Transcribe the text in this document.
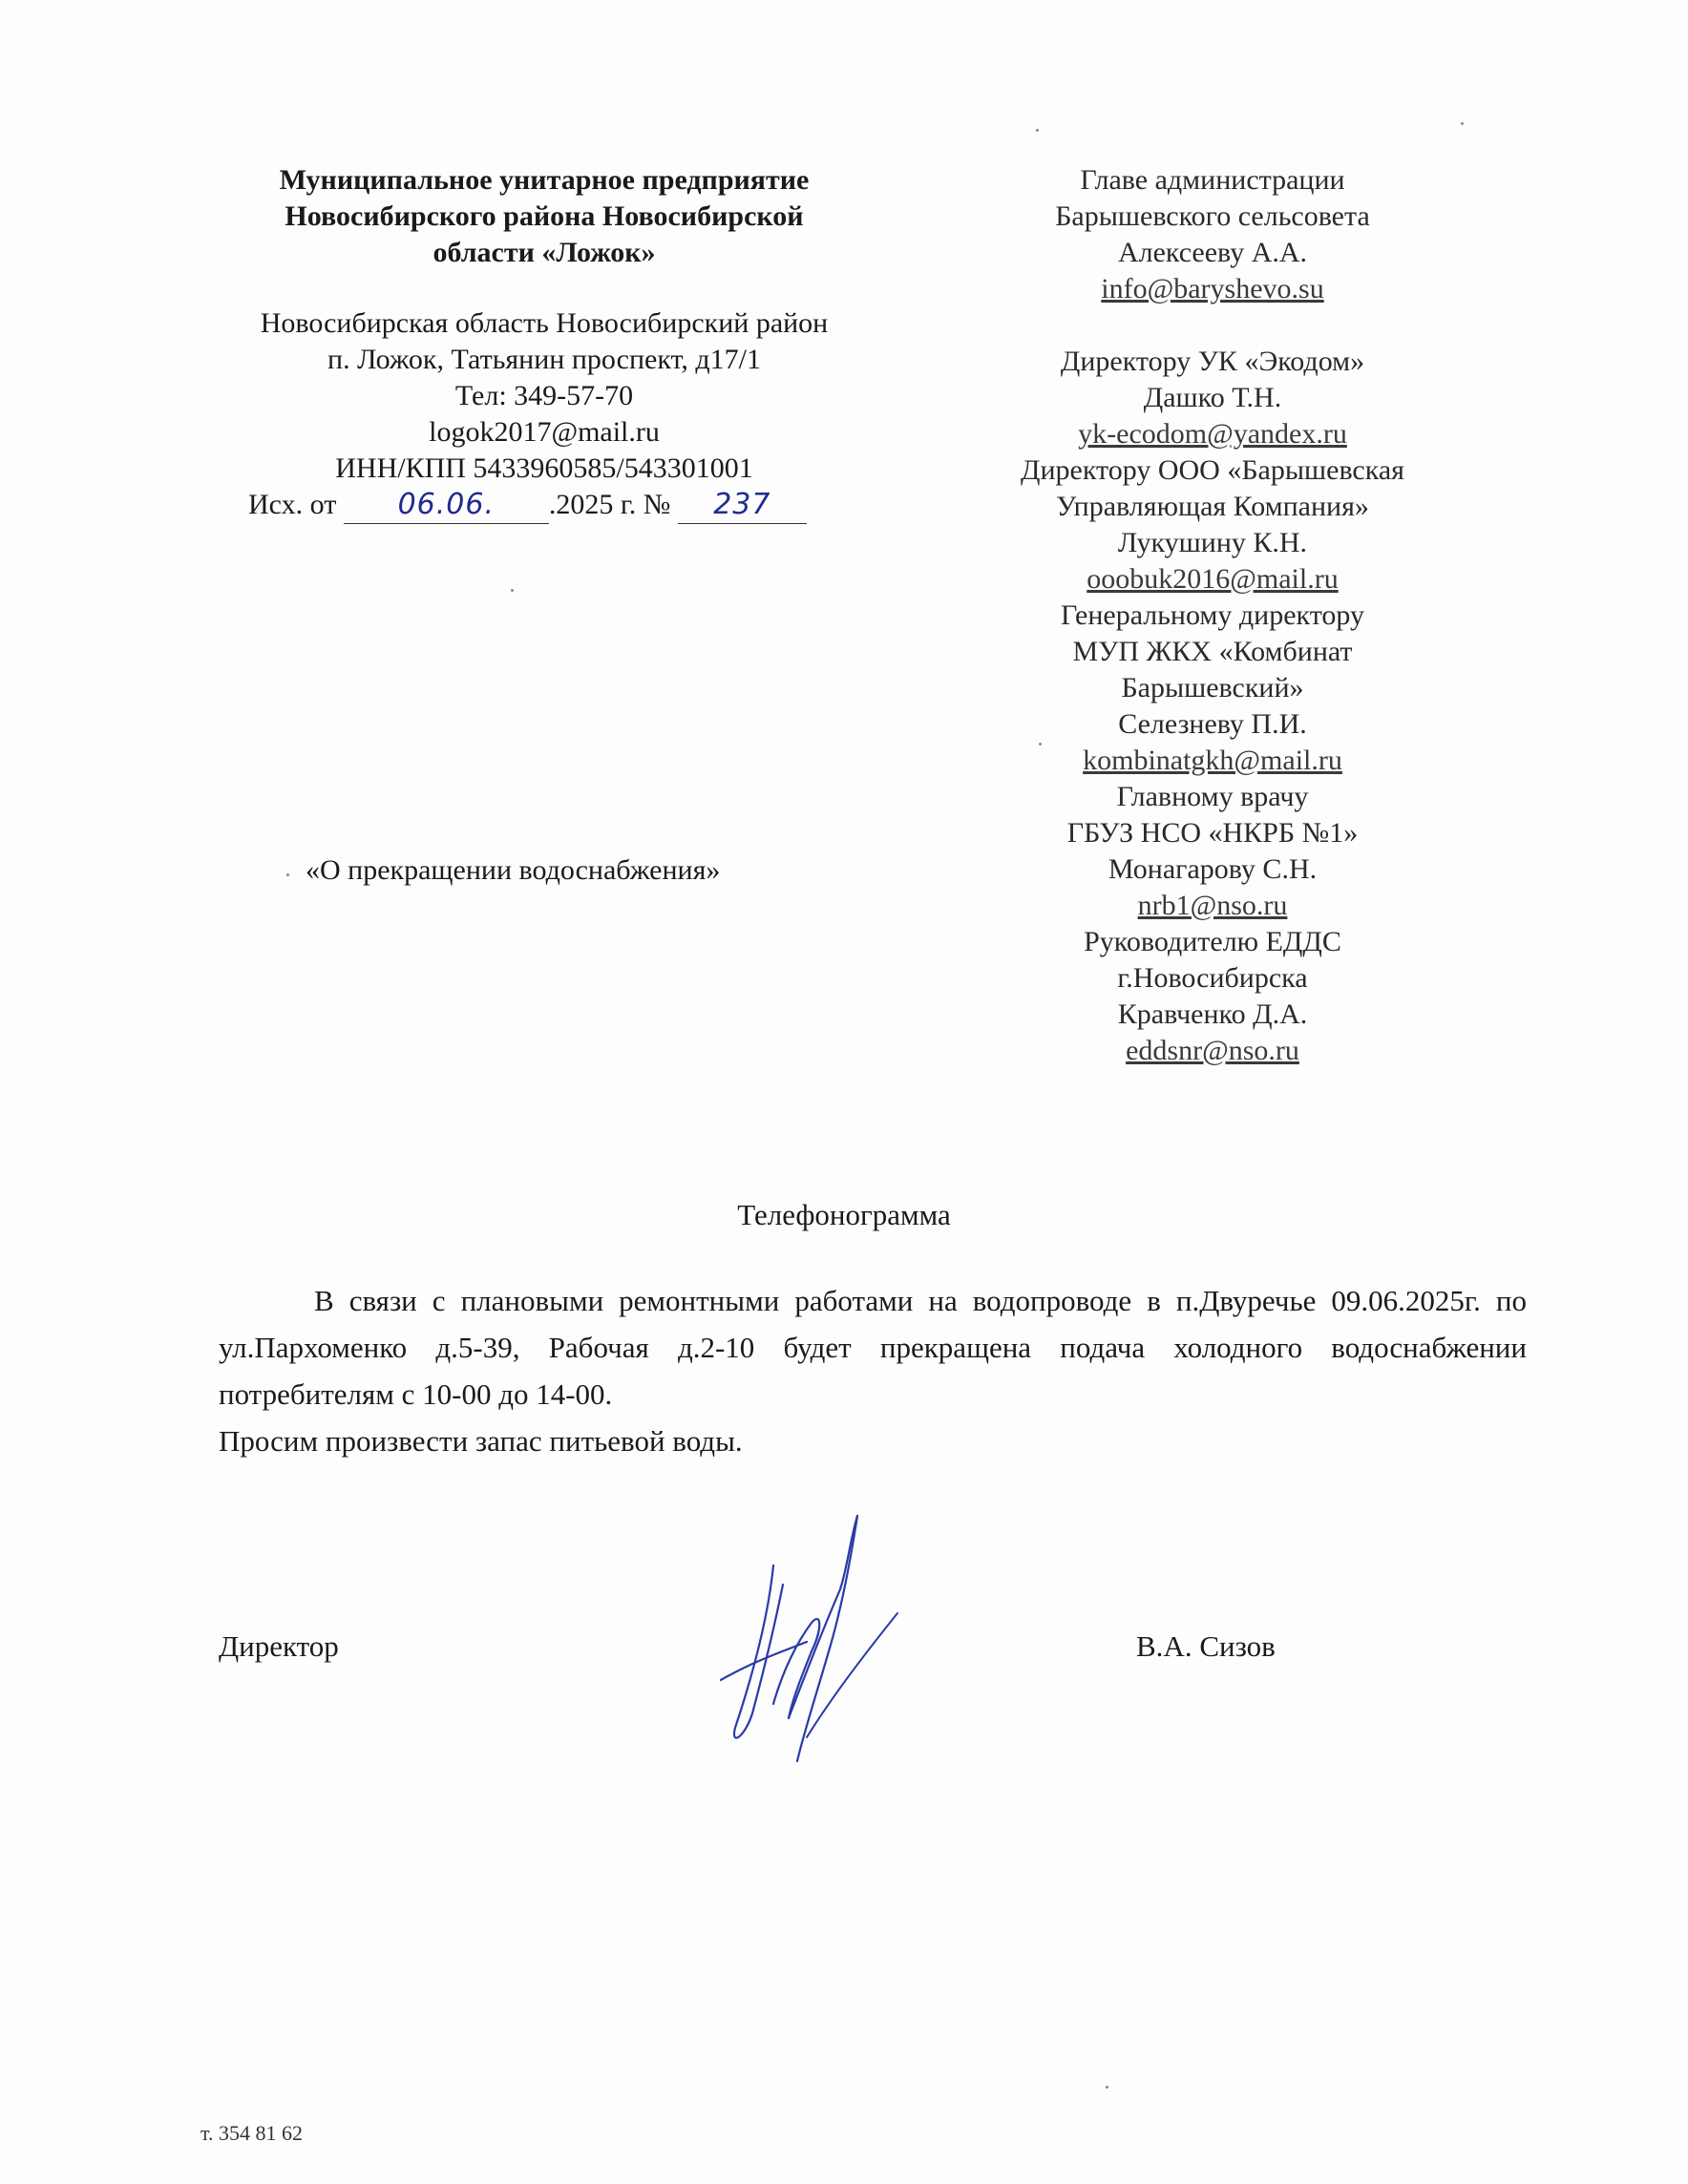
Муниципальное унитарное предприятие
Новосибирского района Новосибирской
области «Ложок»
Новосибирская область Новосибирский район
п. Ложок, Татьянин проспект, д17/1
Тел: 349-57-70
logok2017@mail.ru
ИНН/КПП 5433960585/543301001
Исх. от 06.06. .2025 г. № 237
Главе администрации
Барышевского сельсовета
Алексееву А.А.
info@baryshevo.su
Директору УК «Экодом»
Дашко Т.Н.
yk-ecodom@yandex.ru
Директору ООО «Барышевская
Управляющая Компания»
Лукушину К.Н.
ooobuk2016@mail.ru
Генеральному директору
МУП ЖКХ «Комбинат
Барышевский»
Селезневу П.И.
kombinatgkh@mail.ru
Главному врачу
ГБУЗ НСО «НКРБ №1»
Монагарову С.Н.
nrb1@nso.ru
Руководителю ЕДДС
г.Новосибирска
Кравченко Д.А.
eddsnr@nso.ru
«О прекращении водоснабжения»
Телефонограмма
В связи с плановыми ремонтными работами на водопроводе в п.Двуречье 09.06.2025г. по ул.Пархоменко д.5-39, Рабочая д.2-10 будет прекращена подача холодного водоснабжении потребителям с 10-00 до 14-00.
Просим произвести запас питьевой воды.
Директор	В.А. Сизов
т. 354 81 62
